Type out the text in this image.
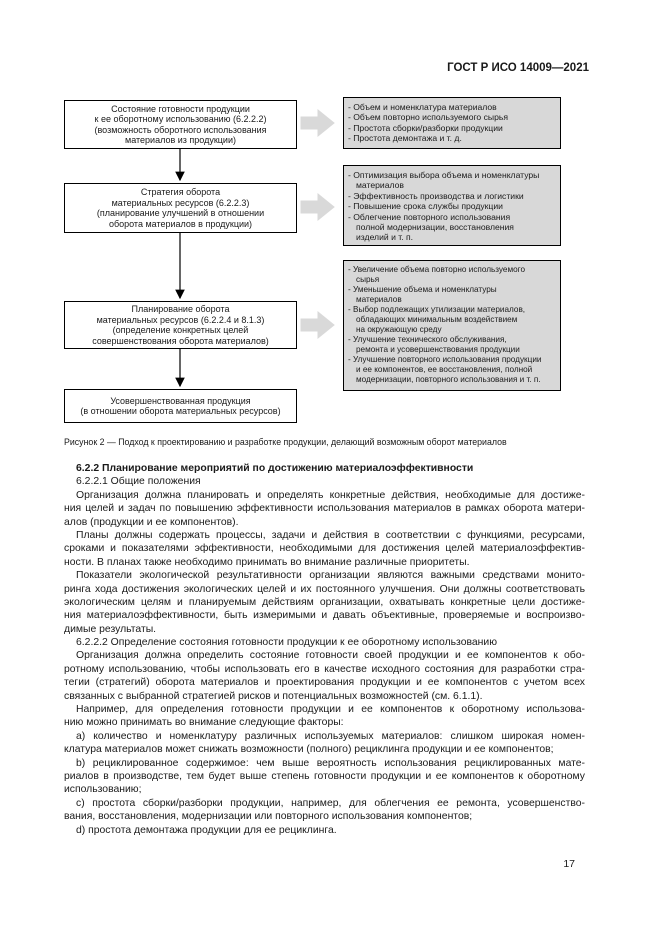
ГОСТ Р ИСО 14009—2021
Состояние готовности продукции
к ее оборотному использованию (6.2.2.2)
(возможность оборотного использования
материалов из продукции)
Стратегия оборота
материальных ресурсов (6.2.2.3)
(планирование улучшений в отношении
оборота материалов в продукции)
Планирование оборота
материальных ресурсов (6.2.2.4 и 8.1.3)
(определение конкретных целей
совершенствования оборота материалов)
Усовершенствованная продукция
(в отношении оборота материальных ресурсов)
- Объем и номенклатура материалов
- Объем повторно используемого сырья
- Простота сборки/разборки продукции
- Простота демонтажа и т. д.
- Оптимизация выбора объема и номенклатуры
материалов
- Эффективность производства и логистики
- Повышение срока службы продукции
- Облегчение повторного использования
полной модернизации, восстановления
изделий и т. п.
- Увеличение объема повторно используемого
сырья
- Уменьшение объема и номенклатуры
материалов
- Выбор подлежащих утилизации материалов,
обладающих минимальным воздействием
на окружающую среду
- Улучшение технического обслуживания,
ремонта и усовершенствования продукции
- Улучшение повторного использования продукции
и ее компонентов, ее восстановления, полной
модернизации, повторного использования и т. п.
Рисунок 2 — Подход к проектированию и разработке продукции, делающий возможным оборот материалов
6.2.2 Планирование мероприятий по достижению материалоэффективности
6.2.2.1 Общие положения
Организация должна планировать и определять конкретные действия, необходимые для достиже-
ния целей и задач по повышению эффективности использования материалов в рамках оборота матери-
алов (продукции и ее компонентов).
Планы должны содержать процессы, задачи и действия в соответствии с функциями, ресурсами,
сроками и показателями эффективности, необходимыми для достижения целей материалоэффектив-
ности. В планах также необходимо принимать во внимание различные приоритеты.
Показатели экологической результативности организации являются важными средствами монито-
ринга хода достижения экологических целей и их постоянного улучшения. Они должны соответствовать
экологическим целям и планируемым действиям организации, охватывать конкретные цели достиже-
ния материалоэффективности, быть измеримыми и давать объективные, проверяемые и воспроизво-
димые результаты.
6.2.2.2 Определение состояния готовности продукции к ее оборотному использованию
Организация должна определить состояние готовности своей продукции и ее компонентов к обо-
ротному использованию, чтобы использовать его в качестве исходного состояния для разработки стра-
тегии (стратегий) оборота материалов и проектирования продукции и ее компонентов с учетом всех
связанных с выбранной стратегией рисков и потенциальных возможностей (см. 6.1.1).
Например, для определения готовности продукции и ее компонентов к оборотному использова-
нию можно принимать во внимание следующие факторы:
а) количество и номенклатуру различных используемых материалов: слишком широкая номен-
клатура материалов может снижать возможности (полного) рециклинга продукции и ее компонентов;
b) рециклированное содержимое: чем выше вероятность использования рециклированных мате-
риалов в производстве, тем будет выше степень готовности продукции и ее компонентов к оборотному
использованию;
с) простота сборки/разборки продукции, например, для облегчения ее ремонта, усовершенство-
вания, восстановления, модернизации или повторного использования компонентов;
d) простота демонтажа продукции для ее рециклинга.
17
